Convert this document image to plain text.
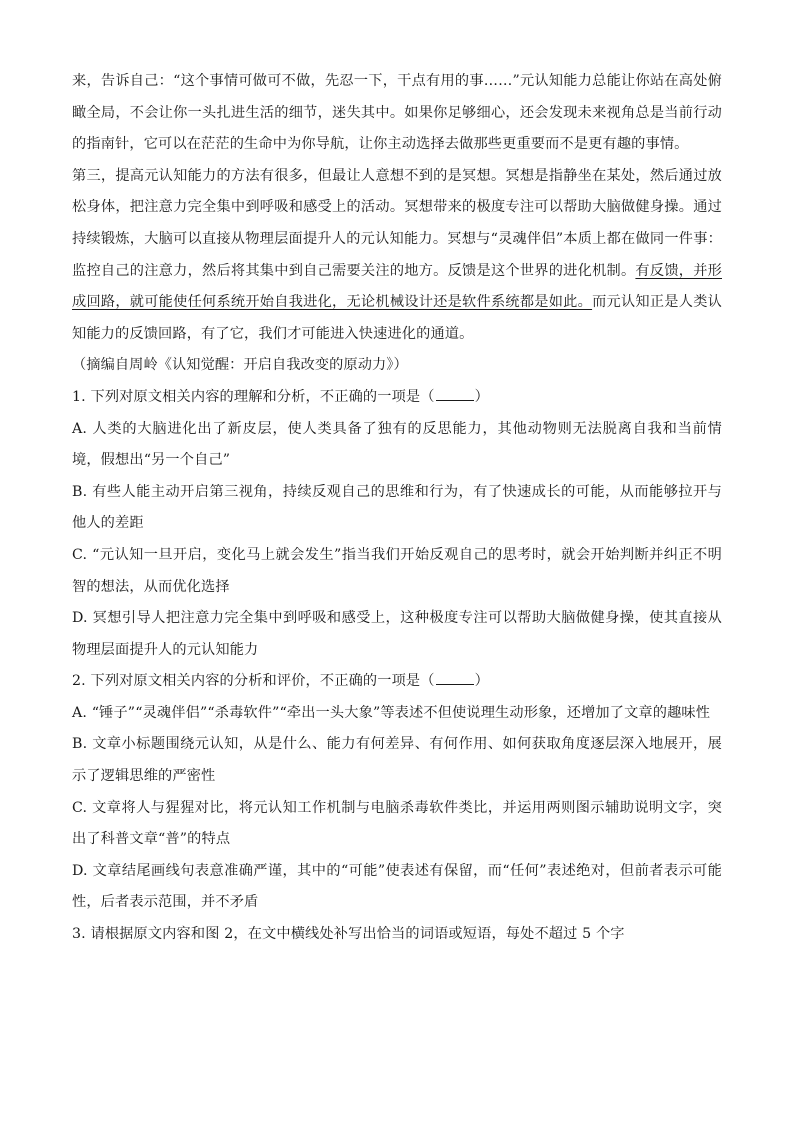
来，告诉自己：“这个事情可做可不做，先忍一下，干点有用的事……”元认知能力总能让你站在高处俯瞰全局，不会让你一头扎进生活的细节，迷失其中。如果你足够细心，还会发现未来视角总是当前行动的指南针，它可以在茫茫的生命中为你导航，让你主动选择去做那些更重要而不是更有趣的事情。

第三，提高元认知能力的方法有很多，但最让人意想不到的是冥想。冥想是指静坐在某处，然后通过放松身体，把注意力完全集中到呼吸和感受上的活动。冥想带来的极度专注可以帮助大脑做健身操。通过持续锻炼，大脑可以直接从物理层面提升人的元认知能力。冥想与“灵魂伴侣”本质上都在做同一件事：监控自己的注意力，然后将其集中到自己需要关注的地方。反馈是这个世界的进化机制。有反馈，并形成回路，就可能使任何系统开始自我进化，无论机械设计还是软件系统都是如此。而元认知正是人类认知能力的反馈回路，有了它，我们才可能进入快速进化的通道。

（摘编自周岭《认知觉醒：开启自我改变的原动力》）

1. 下列对原文相关内容的理解和分析，不正确的一项是（	）

A. 人类的大脑进化出了新皮层，使人类具备了独有的反思能力，其他动物则无法脱离自我和当前情境，假想出“另一个自己”

B. 有些人能主动开启第三视角，持续反观自己的思维和行为，有了快速成长的可能，从而能够拉开与他人的差距

C. “元认知一旦开启，变化马上就会发生”指当我们开始反观自己的思考时，就会开始判断并纠正不明智的想法，从而优化选择

D. 冥想引导人把注意力完全集中到呼吸和感受上，这种极度专注可以帮助大脑做健身操，使其直接从物理层面提升人的元认知能力

2. 下列对原文相关内容的分析和评价，不正确的一项是（	）

A. “锤子”“灵魂伴侣”“杀毒软件”“牵出一头大象”等表述不但使说理生动形象，还增加了文章的趣味性

B. 文章小标题围绕元认知，从是什么、能力有何差异、有何作用、如何获取角度逐层深入地展开，展示了逻辑思维的严密性

C. 文章将人与猩猩对比，将元认知工作机制与电脑杀毒软件类比，并运用两则图示辅助说明文字，突出了科普文章“普”的特点

D. 文章结尾画线句表意准确严谨，其中的“可能”使表述有保留，而“任何”表述绝对，但前者表示可能性，后者表示范围，并不矛盾

3. 请根据原文内容和图 2，在文中横线处补写出恰当的词语或短语，每处不超过 5 个字
